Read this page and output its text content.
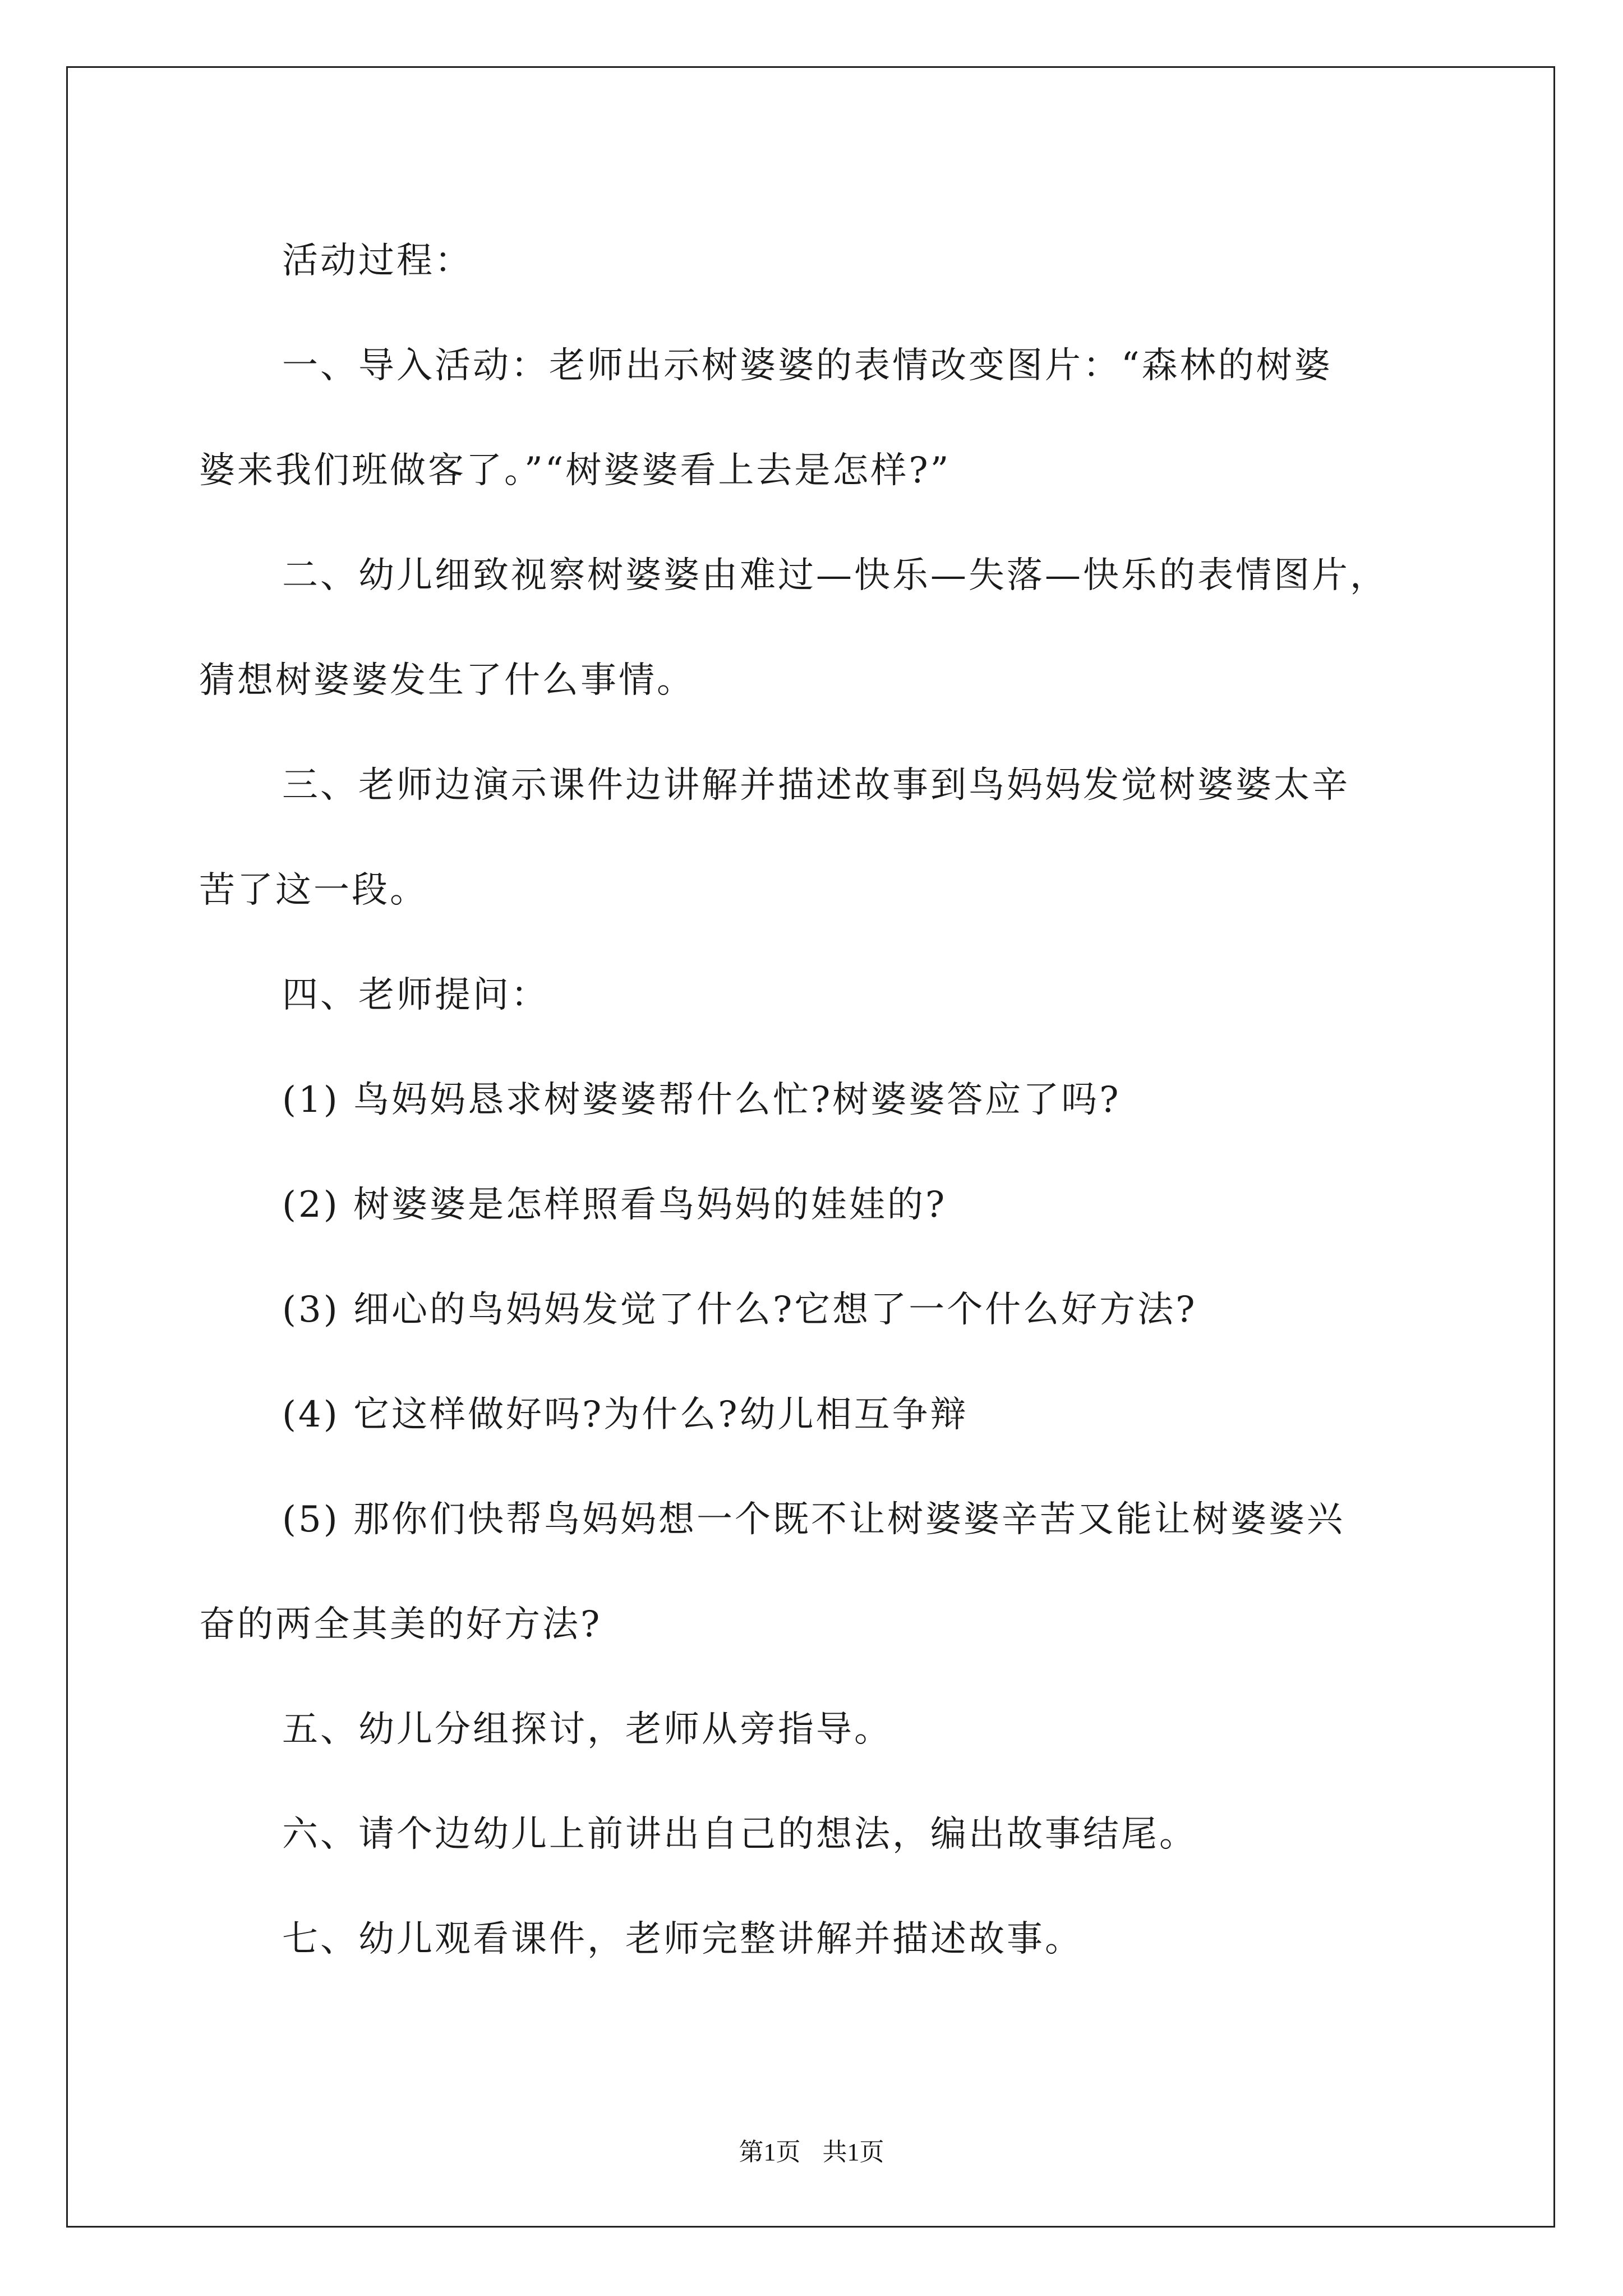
活动过程：

一、导入活动：老师出示树婆婆的表情改变图片：“森林的树婆

婆来我们班做客了。”“树婆婆看上去是怎样?”

二、幼儿细致视察树婆婆由难过—快乐—失落—快乐的表情图片，

猜想树婆婆发生了什么事情。

三、老师边演示课件边讲解并描述故事到鸟妈妈发觉树婆婆太辛

苦了这一段。

四、老师提问：

(1) 鸟妈妈恳求树婆婆帮什么忙?树婆婆答应了吗?

(2) 树婆婆是怎样照看鸟妈妈的娃娃的?

(3) 细心的鸟妈妈发觉了什么?它想了一个什么好方法?

(4) 它这样做好吗?为什么?幼儿相互争辩

(5) 那你们快帮鸟妈妈想一个既不让树婆婆辛苦又能让树婆婆兴

奋的两全其美的好方法?

五、幼儿分组探讨，老师从旁指导。

六、请个边幼儿上前讲出自己的想法，编出故事结尾。

七、幼儿观看课件，老师完整讲解并描述故事。

第1页 共1页
